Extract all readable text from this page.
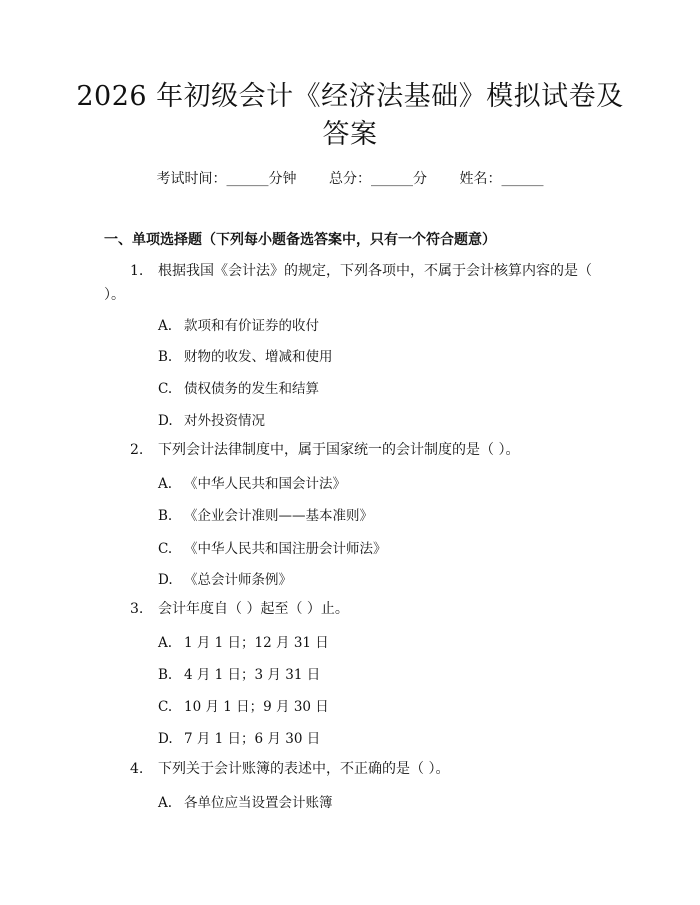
2026 年初级会计《经济法基础》模拟试卷及
答案
考试时间：______分钟 总分：______分 姓名：______
一、单项选择题（下列每小题备选答案中，只有一个符合题意）
1. 根据我国《会计法》的规定，下列各项中，不属于会计核算内容的是（ ）。
A. 款项和有价证券的收付
B. 财物的收发、增减和使用
C. 债权债务的发生和结算
D. 对外投资情况
2. 下列会计法律制度中，属于国家统一的会计制度的是（ ）。
A. 《中华人民共和国会计法》
B. 《企业会计准则——基本准则》
C. 《中华人民共和国注册会计师法》
D. 《总会计师条例》
3. 会计年度自（ ）起至（ ）止。
A. 1 月 1 日；12 月 31 日
B. 4 月 1 日；3 月 31 日
C. 10 月 1 日；9 月 30 日
D. 7 月 1 日；6 月 30 日
4. 下列关于会计账簿的表述中，不正确的是（ ）。
A. 各单位应当设置会计账簿
